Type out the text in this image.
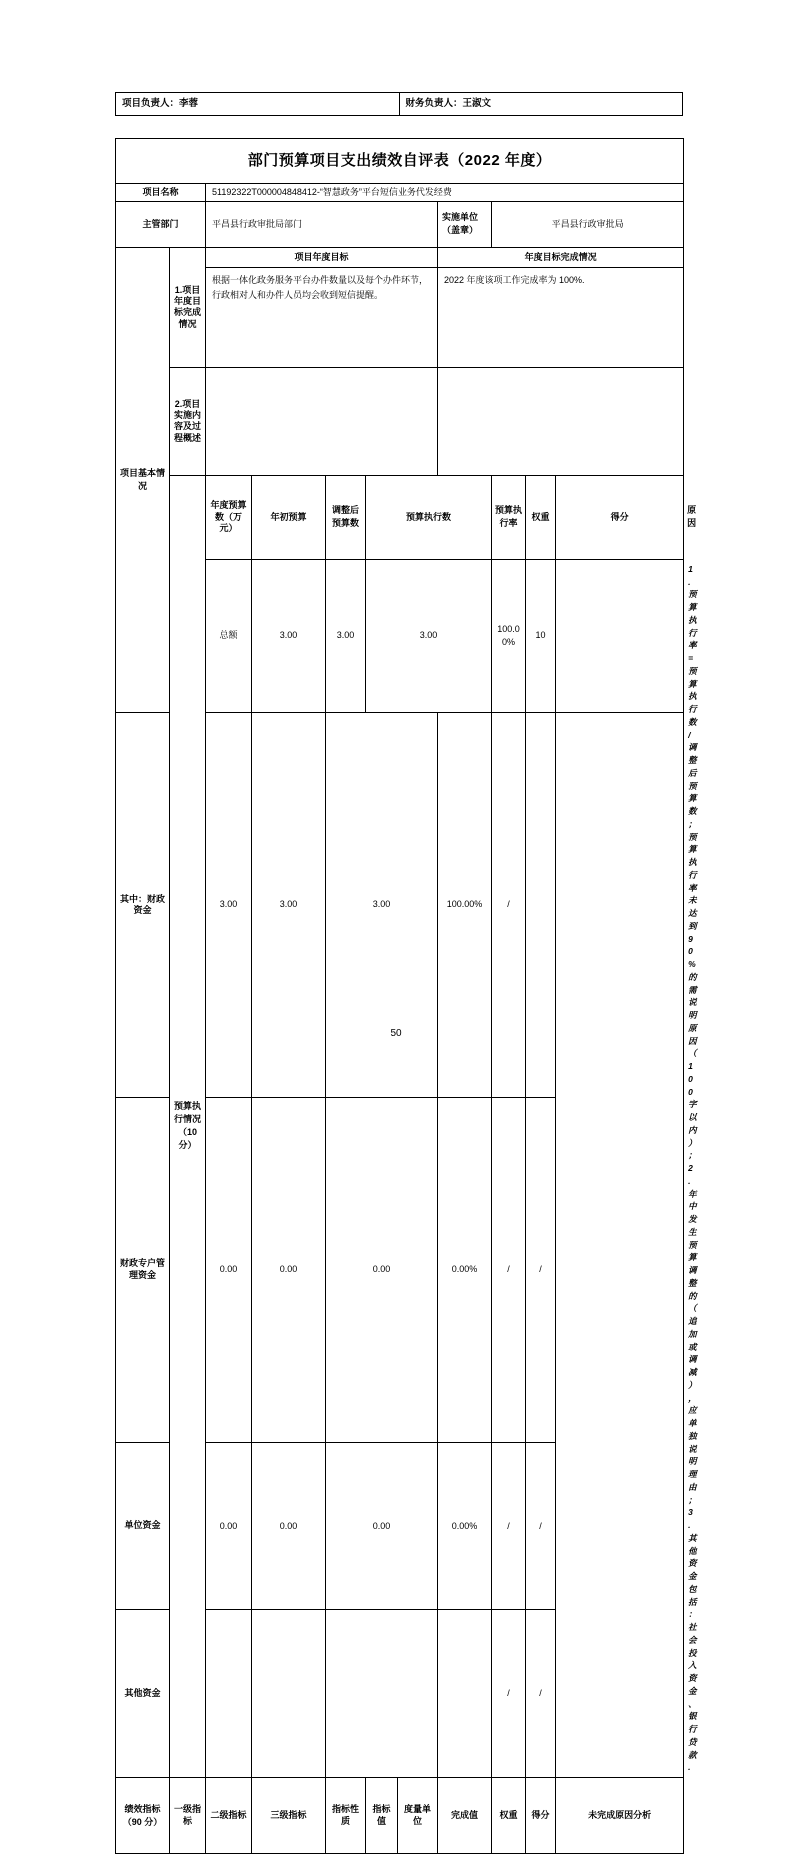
项目负责人：李蓉	财务负责人：王淑文
部门预算项目支出绩效自评表（2022 年度）											
项目名称		51192322T000004848412-“智慧政务”平台短信业务代发经费									
主管部门		平昌县行政审批局部门					实施单位（盖章）	平昌县行政审批局			
项目基本情况	1.项目年度目标完成情况	项目年度目标					年度目标完成情况				
		根据一体化政务服务平台办件数量以及每个办件环节，行政相对人和办件人员均会收到短信提醒。					2022 年度该项工作完成率为 100%.				
	2.项目实施内容及过程概述										
	预算执行情况（10 分）	年度预算数（万元）	年初预算	调整后预算数	预算执行数			预算执行率	权重	得分	原因
		总额	3.00	3.00	3.00			100.00%	10		1. 预算执行率=预算执行数/调整后预算数；预算执行率未达到90%的需说明原因（100 字以内）；2. 年中发生预算调整的（追加或调减），应单独说明理由；3. 其他资金包括：社会投入资金、银行贷款.
其中：财政资金		3.00	3.00	3.00			100.00%	/			
财政专户管理资金		0.00	0.00	0.00			0.00%	/	/		
单位资金		0.00	0.00	0.00			0.00%	/	/		
其他资金								/	/		
绩效指标（90 分）	一级指标	二级指标	三级指标	指标性质	指标值	度量单位	完成值	权重	得分	未完成原因分析	
50
